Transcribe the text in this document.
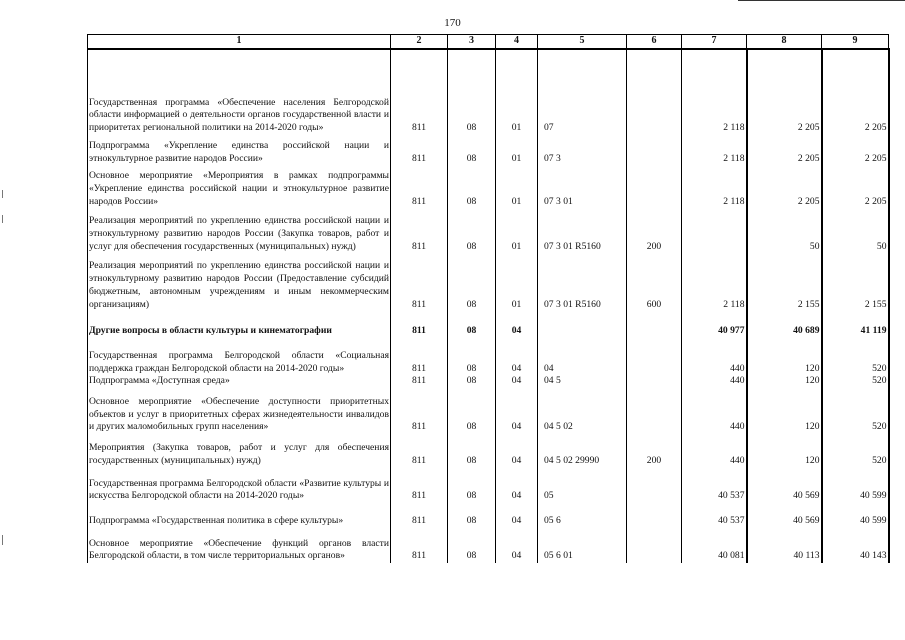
170
1	2	3	4	5	6	7	8	9

Государственная программа «Обеспечение населения Белгородской области информацией о деятельности органов государственной власти и приоритетах региональной политики на 2014-2020 годы»	811	08	01	07		2 118	2 205	2 205
Подпрограмма «Укрепление единства российской нации и этнокультурное развитие народов России»	811	08	01	07 3		2 118	2 205	2 205
Основное мероприятие «Мероприятия в рамках подпрограммы «Укрепление единства российской нации и этнокультурное развитие народов России»	811	08	01	07 3 01		2 118	2 205	2 205
Реализация мероприятий по укреплению единства российской нации и этнокультурному развитию народов России (Закупка товаров, работ и услуг для обеспечения государственных (муниципальных) нужд)	811	08	01	07 3 01 R5160	200		50	50
Реализация мероприятий по укреплению единства российской нации и этнокультурному развитию народов России (Предоставление субсидий бюджетным, автономным учреждениям и иным некоммерческим организациям)	811	08	01	07 3 01 R5160	600	2 118	2 155	2 155
Другие вопросы в области культуры и кинематографии	811	08	04			40 977	40 689	41 119
Государственная программа Белгородской области «Социальная поддержка граждан Белгородской области на 2014-2020 годы»	811	08	04	04		440	120	520
Подпрограмма «Доступная среда»	811	08	04	04 5		440	120	520
Основное мероприятие «Обеспечение доступности приоритетных объектов и услуг в приоритетных сферах жизнедеятельности инвалидов и других маломобильных групп населения»	811	08	04	04 5 02		440	120	520
Мероприятия (Закупка товаров, работ и услуг для обеспечения государственных (муниципальных) нужд)	811	08	04	04 5 02 29990	200	440	120	520
Государственная программа Белгородской области «Развитие культуры и искусства Белгородской области на 2014-2020 годы»	811	08	04	05		40 537	40 569	40 599
Подпрограмма «Государственная политика в сфере культуры»	811	08	04	05 6		40 537	40 569	40 599
Основное мероприятие «Обеспечение функций органов власти Белгородской области, в том числе территориальных органов»	811	08	04	05 6 01		40 081	40 113	40 143
